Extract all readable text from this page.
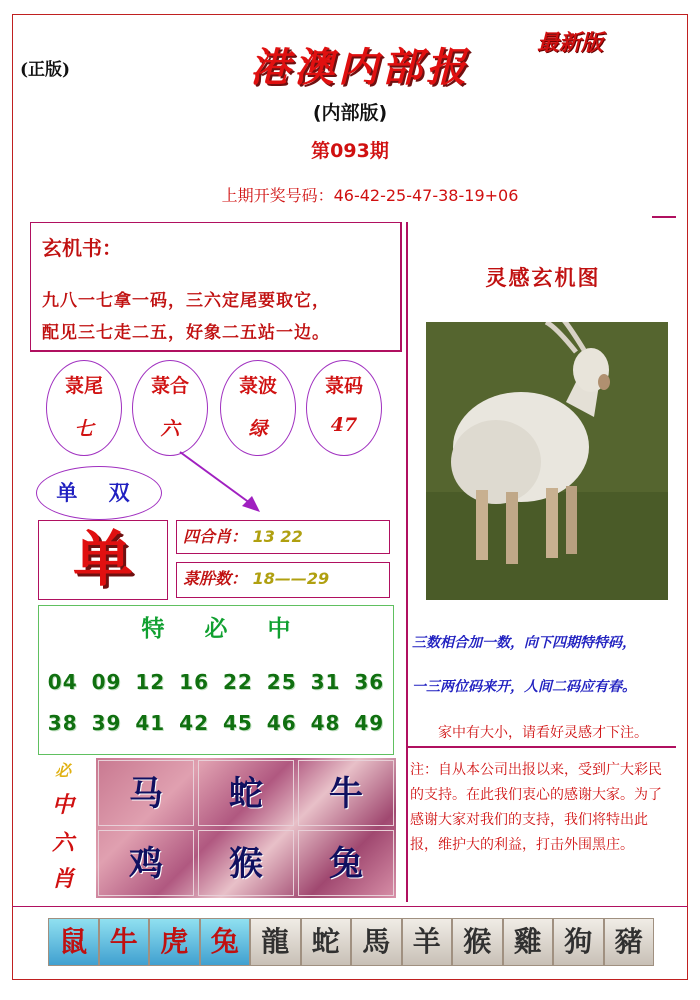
(正版)
最新版
港澳内部报
(内部版)
第093期
上期开奖号码：46-42-25-47-38-19+06
玄机书：
九八一七拿一码，三六定尾要取它，
配见三七走二五，好象二五站一边。
菉尾
七
菉合
六
菉波
绿
菉码
47
单 双
单	四合肖： 13 22
菉肸数： 18——29
特必中
04 09 12 16 22 25 31 36
38 39 41 42 45 46 48 49
必
中
六
肖
马	蛇	牛
鸡	猴	兔
灵感玄机图
三数相合加一数，向下四期特特码，
一三两位码来开，人间二码应有春。
家中有大小，请看好灵感才下注。
注：自从本公司出报以来，受到广大彩民的支持。在此我们衷心的感谢大家。为了感谢大家对我们的支持，我们将特出此报，维护大的利益，打击外围黑庄。
鼠 牛 虎 兔 龍 蛇 馬 羊 猴 雞 狗 豬
